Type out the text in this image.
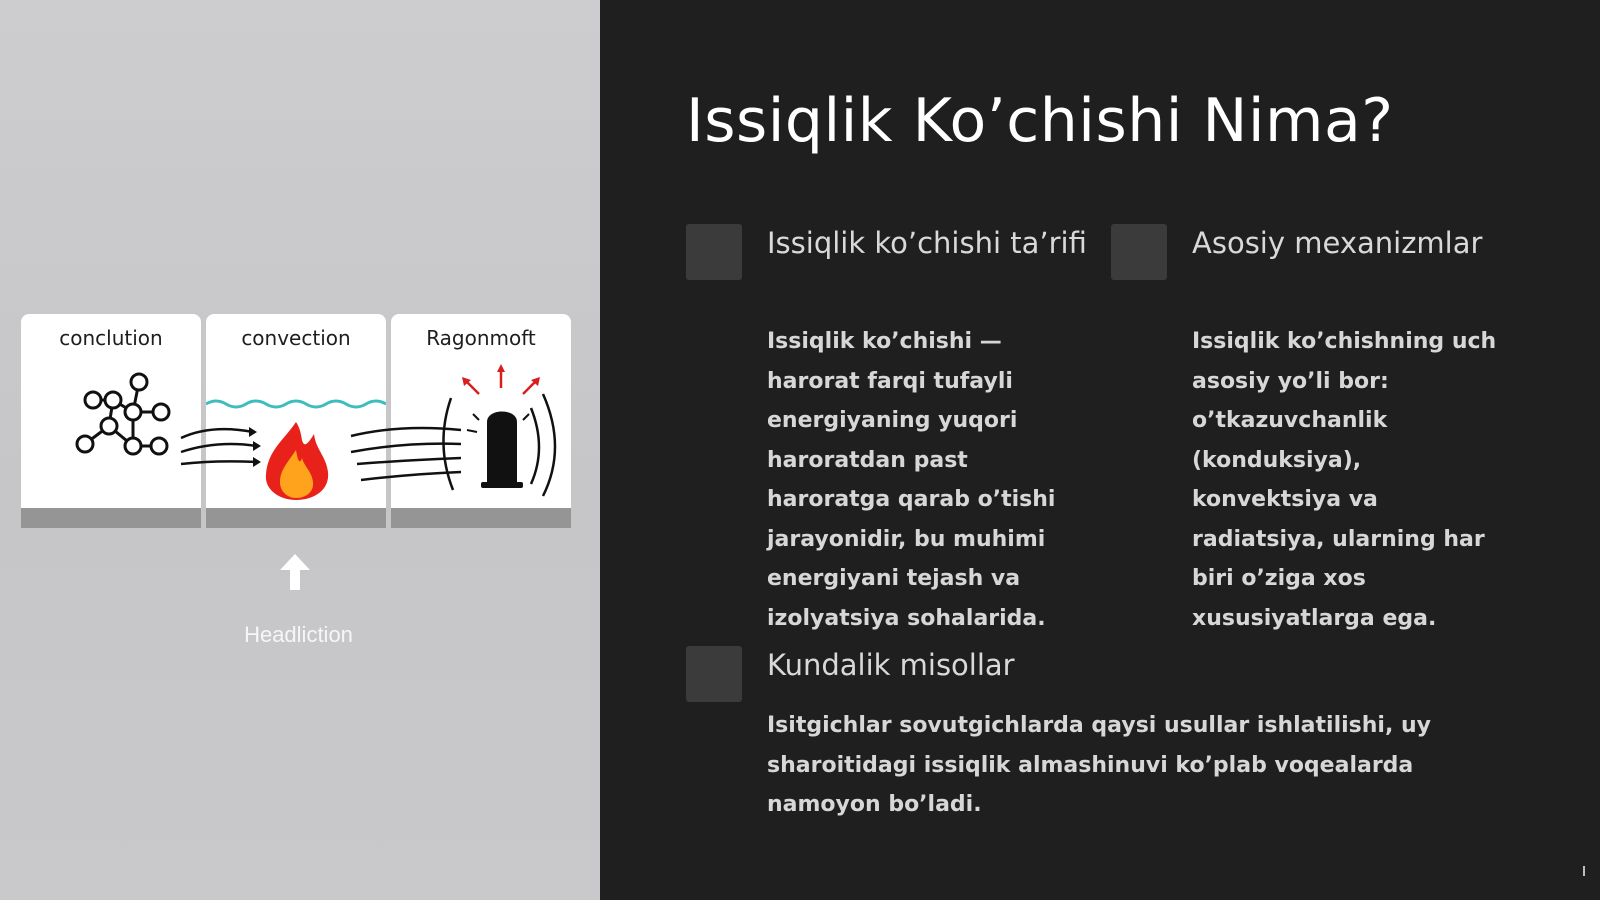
conclution	convection	Ragonmoft
Headliction
Issiqlik Ko’chishi Nima?
Issiqlik ko’chishi ta’rifi
Issiqlik ko’chishi —
harorat farqi tufayli
energiyaning yuqori
haroratdan past
haroratga qarab o’tishi
jarayonidir, bu muhimi
energiyani tejash va
izolyatsiya sohalarida.
Asosiy mexanizmlar
Issiqlik ko’chishning uch
asosiy yo’li bor:
o’tkazuvchanlik
(konduksiya),
konvektsiya va
radiatsiya, ularning har
biri o’ziga xos
xususiyatlarga ega.
Kundalik misollar
Isitgichlar sovutgichlarda qaysi usullar ishlatilishi, uy
sharoitidagi issiqlik almashinuvi ko’plab voqealarda
namoyon bo’ladi.
